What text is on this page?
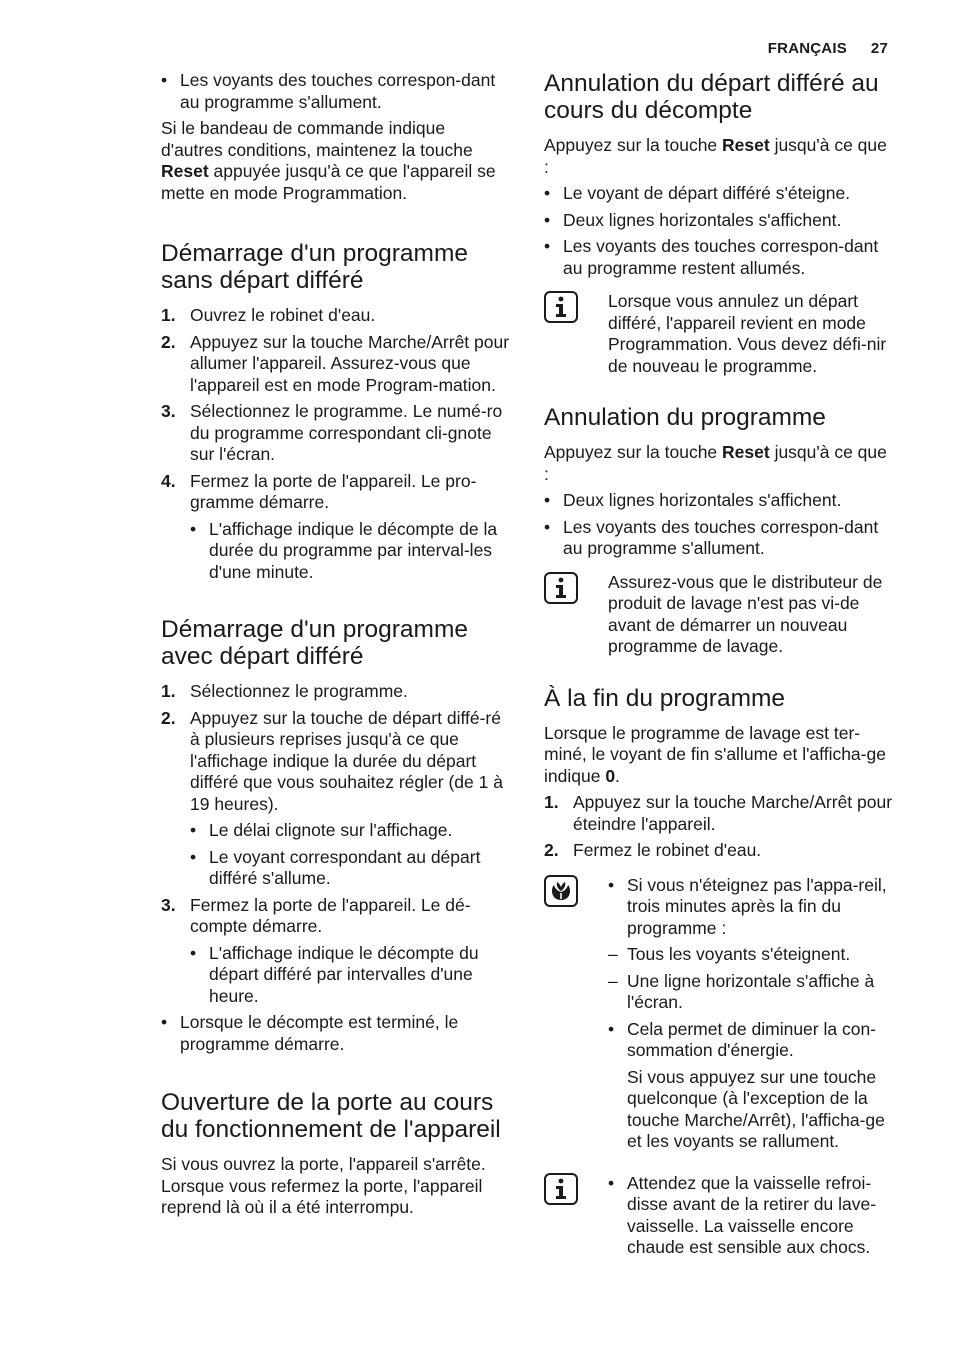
FRANÇAIS 27
• Les voyants des touches correspon-dant au programme s'allument.

Si le bandeau de commande indique d'autres conditions, maintenez la touche Reset appuyée jusqu'à ce que l'appareil se mette en mode Programmation.

Démarrage d'un programme sans départ différé
1. Ouvrez le robinet d'eau.
2. Appuyez sur la touche Marche/Arrêt pour allumer l'appareil. Assurez-vous que l'appareil est en mode Program-mation.
3. Sélectionnez le programme. Le numé-ro du programme correspondant cli-gnote sur l'écran.
4. Fermez la porte de l'appareil. Le pro-gramme démarre.
• L'affichage indique le décompte de la durée du programme par interval-les d'une minute.
Démarrage d'un programme avec départ différé
1. Sélectionnez le programme.
2. Appuyez sur la touche de départ diffé-ré à plusieurs reprises jusqu'à ce que l'affichage indique la durée du départ différé que vous souhaitez régler (de 1 à 19 heures).
• Le délai clignote sur l'affichage.
• Le voyant correspondant au départ différé s'allume.
3. Fermez la porte de l'appareil. Le dé-compte démarre.
• L'affichage indique le décompte du départ différé par intervalles d'une heure.
• Lorsque le décompte est terminé, le programme démarre.
Ouverture de la porte au cours du fonctionnement de l'appareil

Si vous ouvrez la porte, l'appareil s'arrête. Lorsque vous refermez la porte, l'appareil reprend là où il a été interrompu.

Annulation du départ différé au cours du décompte

Appuyez sur la touche Reset jusqu'à ce que :

• Le voyant de départ différé s'éteigne.
• Deux lignes horizontales s'affichent.
• Les voyants des touches correspon-dant au programme restent allumés.
Lorsque vous annulez un départ différé, l'appareil revient en mode Programmation. Vous devez défi-nir de nouveau le programme.
Annulation du programme

Appuyez sur la touche Reset jusqu'à ce que :

• Deux lignes horizontales s'affichent.
• Les voyants des touches correspon-dant au programme s'allument.
Assurez-vous que le distributeur de produit de lavage n'est pas vi-de avant de démarrer un nouveau programme de lavage.
À la fin du programme

Lorsque le programme de lavage est ter-miné, le voyant de fin s'allume et l'afficha-ge indique 0.

1. Appuyez sur la touche Marche/Arrêt pour éteindre l'appareil.
2. Fermez le robinet d'eau.
• Si vous n'éteignez pas l'appa-reil, trois minutes après la fin du programme :
– Tous les voyants s'éteignent.
– Une ligne horizontale s'affiche à l'écran.
• Cela permet de diminuer la con-sommation d'énergie.

Si vous appuyez sur une touche quelconque (à l'exception de la touche Marche/Arrêt), l'afficha-ge et les voyants se rallument.

• Attendez que la vaisselle refroi-disse avant de la retirer du lave-vaisselle. La vaisselle encore chaude est sensible aux chocs.
